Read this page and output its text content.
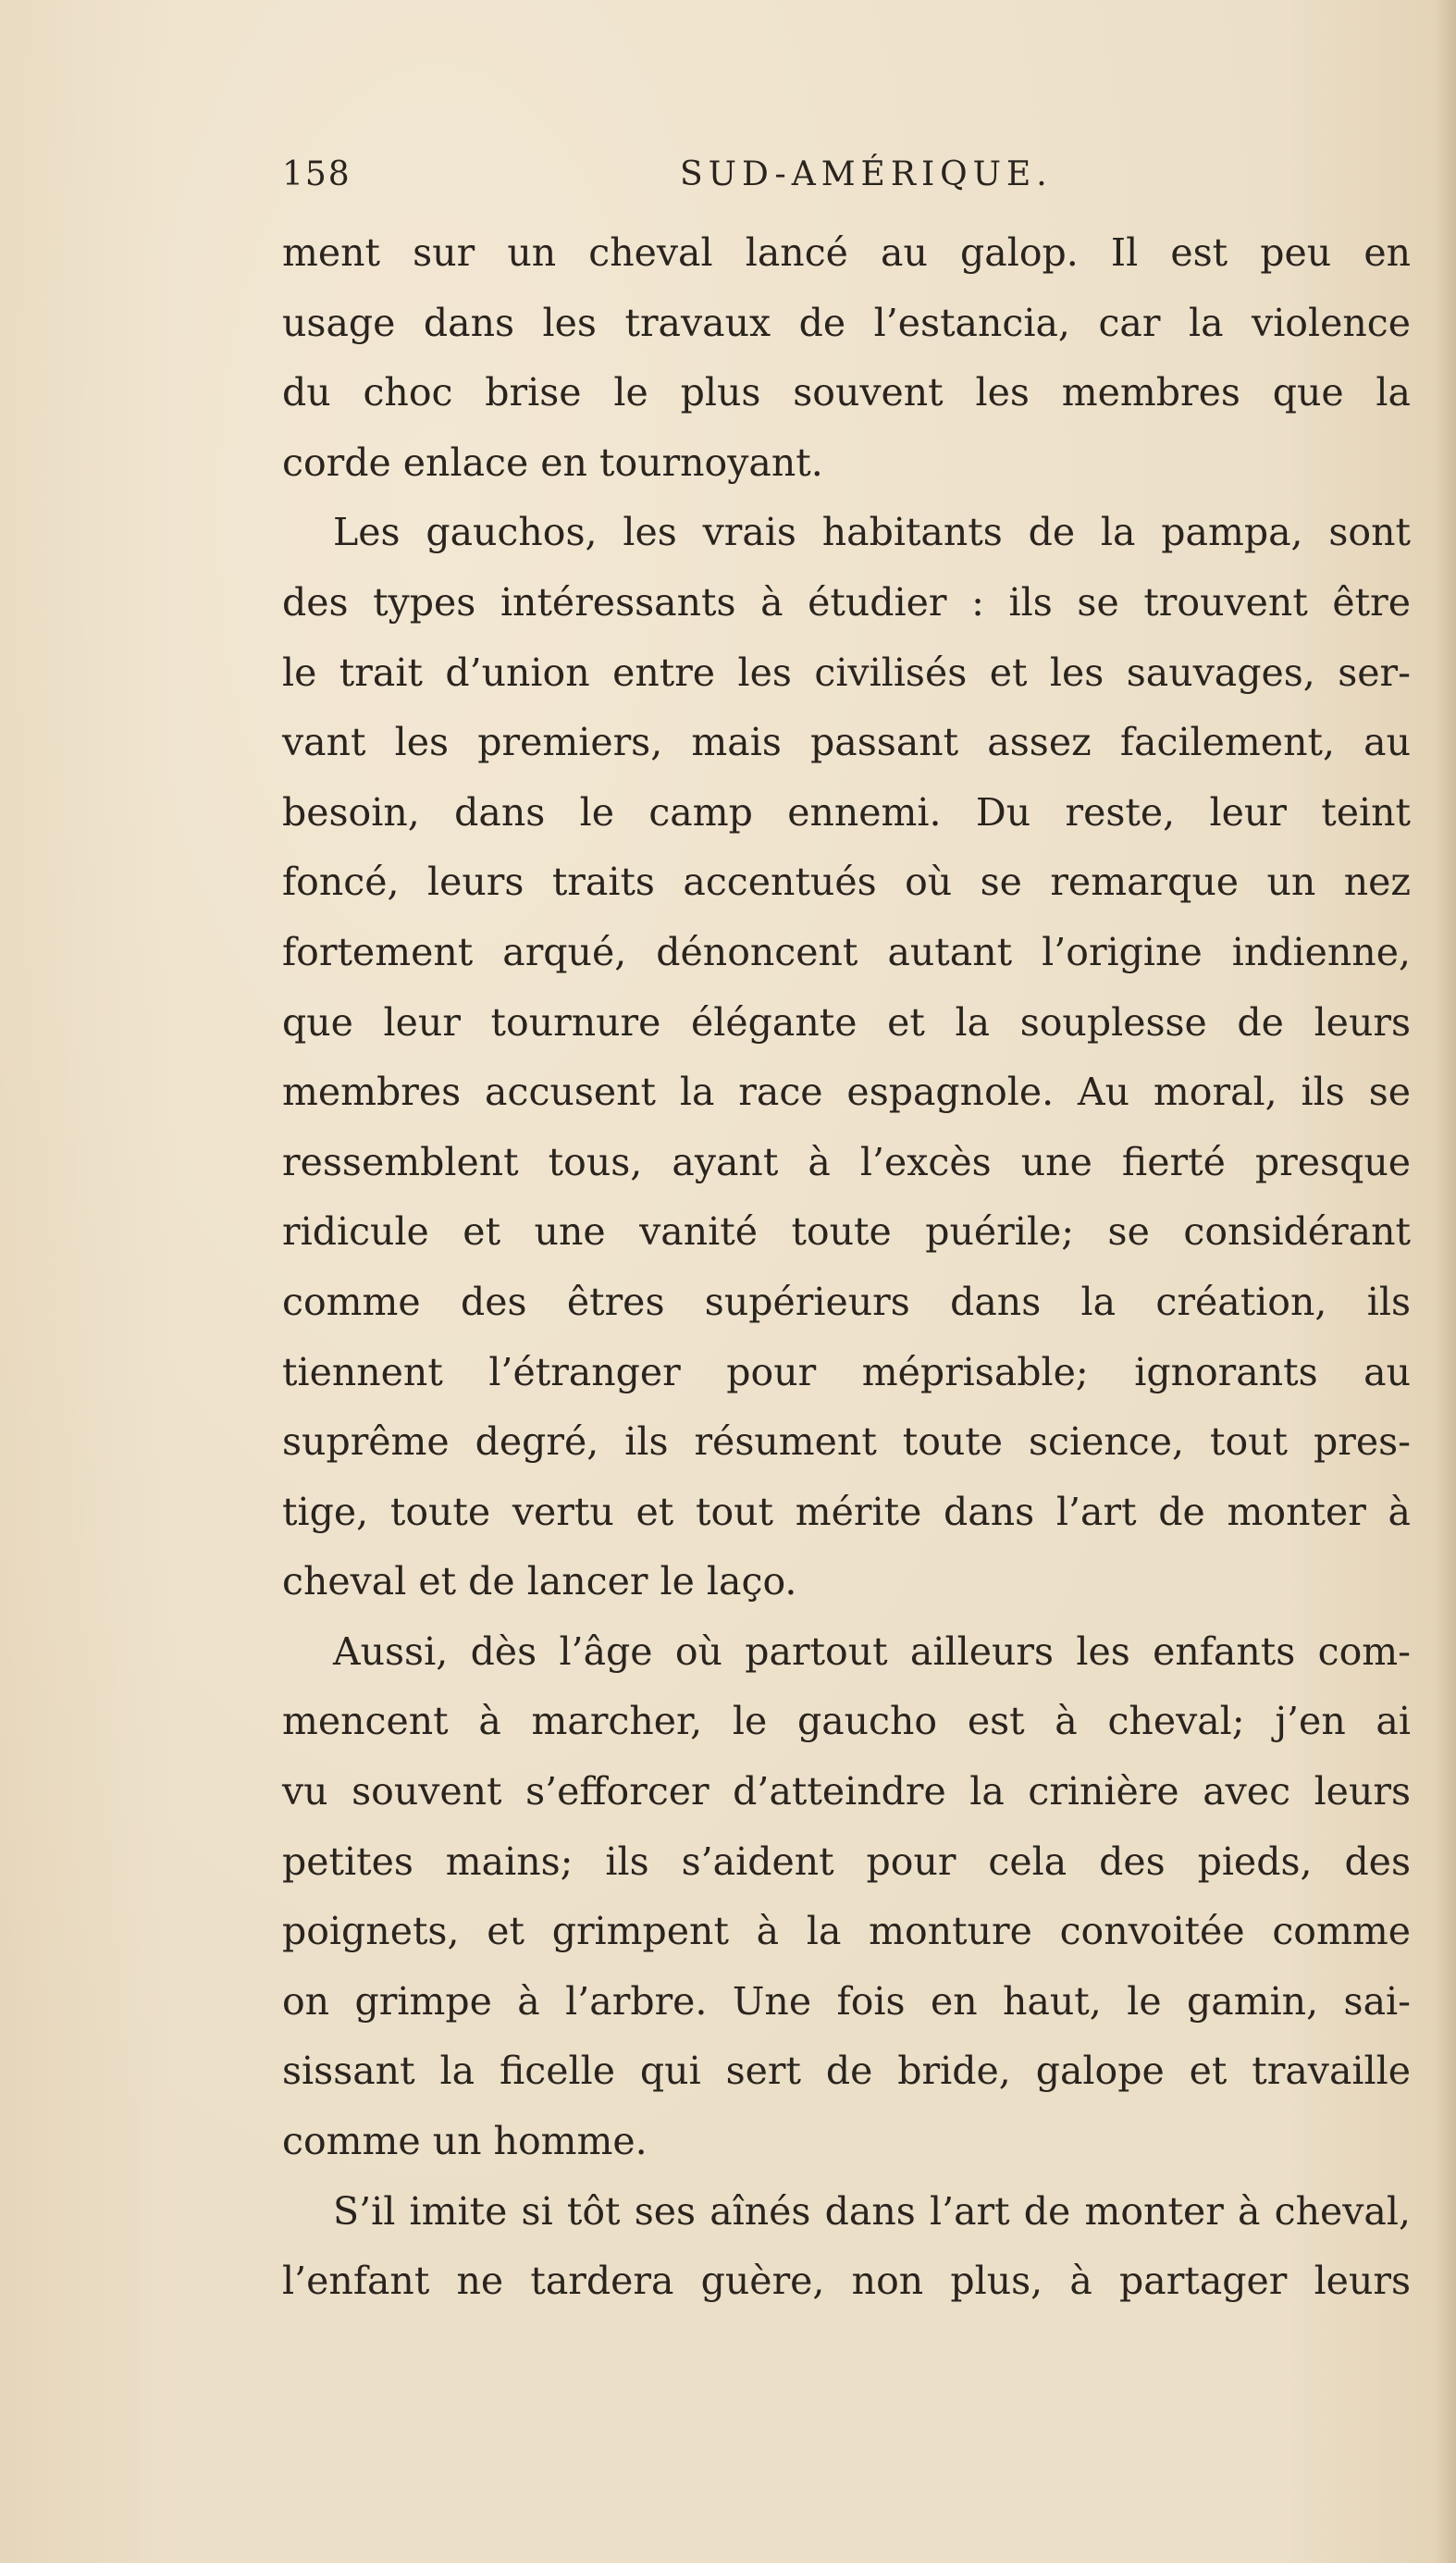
158	SUD-AMÉRIQUE.
ment sur un cheval lancé au galop. Il est peu en
usage dans les travaux de l’estancia, car la violence
du choc brise le plus souvent les membres que la
corde enlace en tournoyant.
Les gauchos, les vrais habitants de la pampa, sont
des types intéressants à étudier : ils se trouvent être
le trait d’union entre les civilisés et les sauvages, ser-
vant les premiers, mais passant assez facilement, au
besoin, dans le camp ennemi. Du reste, leur teint
foncé, leurs traits accentués où se remarque un nez
fortement arqué, dénoncent autant l’origine indienne,
que leur tournure élégante et la souplesse de leurs
membres accusent la race espagnole. Au moral, ils se
ressemblent tous, ayant à l’excès une fierté presque
ridicule et une vanité toute puérile; se considérant
comme des êtres supérieurs dans la création, ils
tiennent l’étranger pour méprisable; ignorants au
suprême degré, ils résument toute science, tout pres-
tige, toute vertu et tout mérite dans l’art de monter à
cheval et de lancer le laço.
Aussi, dès l’âge où partout ailleurs les enfants com-
mencent à marcher, le gaucho est à cheval; j’en ai
vu souvent s’efforcer d’atteindre la crinière avec leurs
petites mains; ils s’aident pour cela des pieds, des
poignets, et grimpent à la monture convoitée comme
on grimpe à l’arbre. Une fois en haut, le gamin, sai-
sissant la ficelle qui sert de bride, galope et travaille
comme un homme.
S’il imite si tôt ses aînés dans l’art de monter à cheval,
l’enfant ne tardera guère, non plus, à partager leurs
